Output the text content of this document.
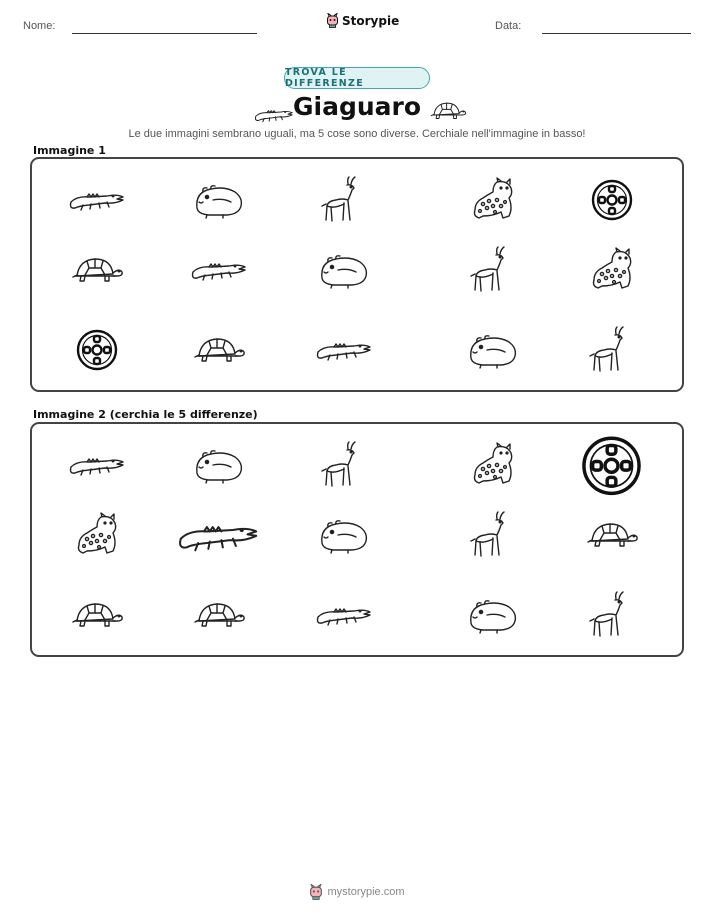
Nome:	Storypie	Data:
TROVA LE DIFFERENZE
Giaguaro
Le due immagini sembrano uguali, ma 5 cose sono diverse. Cerchiale nell'immagine in basso!
Immagine 1
Immagine 2 (cerchia le 5 differenze)
mystorypie.com
